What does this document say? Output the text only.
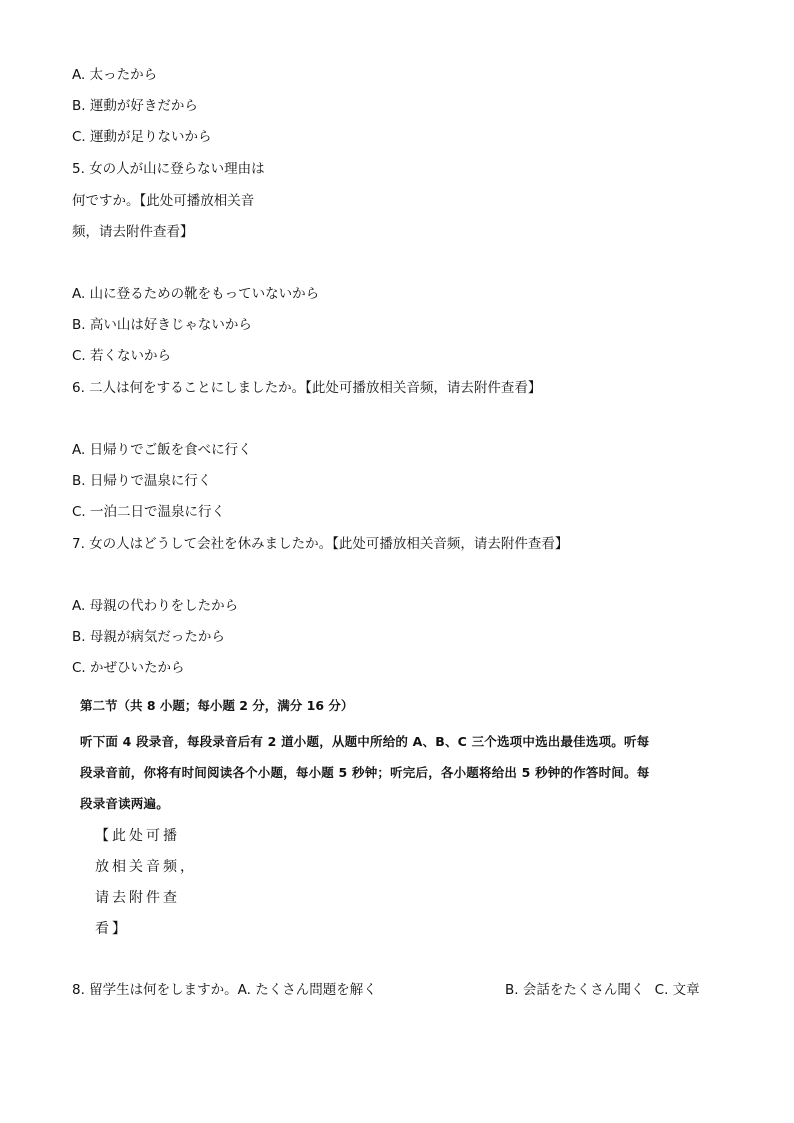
A. 太ったから
B. 運動が好きだから
C. 運動が足りないから
5. 女の人が山に登らない理由は
何ですか。【此处可播放相关音
频，请去附件查看】
A. 山に登るための靴をもっていないから
B. 高い山は好きじゃないから
C. 若くないから
6. 二人は何をすることにしましたか。【此处可播放相关音频，请去附件查看】
A. 日帰りでご飯を食べに行く
B. 日帰りで温泉に行く
C. 一泊二日で温泉に行く
7. 女の人はどうして会社を休みましたか。【此处可播放相关音频，请去附件查看】
A. 母親の代わりをしたから
B. 母親が病気だったから
C. かぜひいたから
第二节（共 8 小题；每小题 2 分，满分 16 分）
听下面 4 段录音，每段录音后有 2 道小题，从题中所给的 A、B、C 三个选项中选出最佳选项。听每
段录音前，你将有时间阅读各个小题，每小题 5 秒钟；听完后，各小题将给出 5 秒钟的作答时间。每
段录音读两遍。
【此处可播
放相关音频，
请去附件查
看】
8. 留学生は何をしますか。A. たくさん問題を解く	B. 会話をたくさん聞く C. 文章
